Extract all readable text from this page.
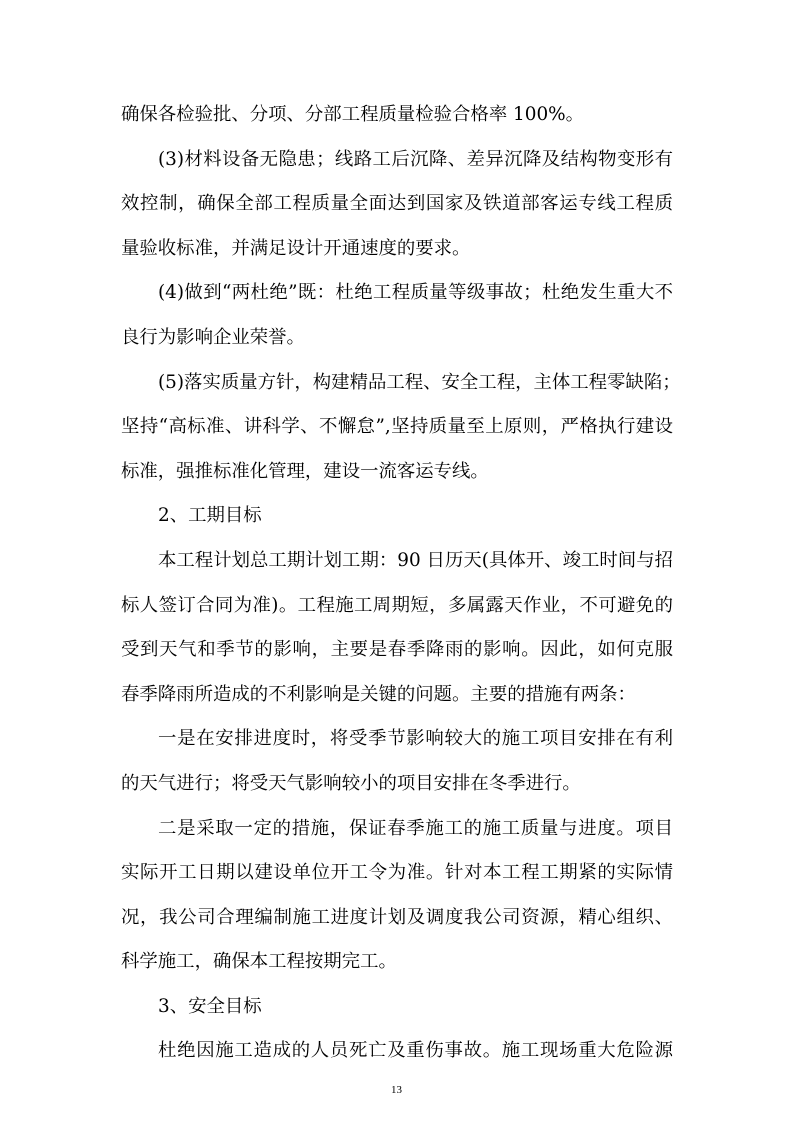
确保各检验批、分项、分部工程质量检验合格率 100%。
(3)材料设备无隐患；线路工后沉降、差异沉降及结构物变形有
效控制，确保全部工程质量全面达到国家及铁道部客运专线工程质
量验收标准，并满足设计开通速度的要求。
(4)做到“两杜绝”既：杜绝工程质量等级事故；杜绝发生重大不
良行为影响企业荣誉。
(5)落实质量方针，构建精品工程、安全工程，主体工程零缺陷；
坚持“高标准、讲科学、不懈怠”,坚持质量至上原则，严格执行建设
标准，强推标准化管理，建设一流客运专线。
2、工期目标
本工程计划总工期计划工期：90 日历天(具体开、竣工时间与招
标人签订合同为准)。工程施工周期短，多属露天作业，不可避免的
受到天气和季节的影响，主要是春季降雨的影响。因此，如何克服
春季降雨所造成的不利影响是关键的问题。主要的措施有两条：
一是在安排进度时，将受季节影响较大的施工项目安排在有利
的天气进行；将受天气影响较小的项目安排在冬季进行。
二是采取一定的措施，保证春季施工的施工质量与进度。项目
实际开工日期以建设单位开工令为准。针对本工程工期紧的实际情
况，我公司合理编制施工进度计划及调度我公司资源，精心组织、
科学施工，确保本工程按期完工。
3、安全目标
杜绝因施工造成的人员死亡及重伤事故。施工现场重大危险源
13
